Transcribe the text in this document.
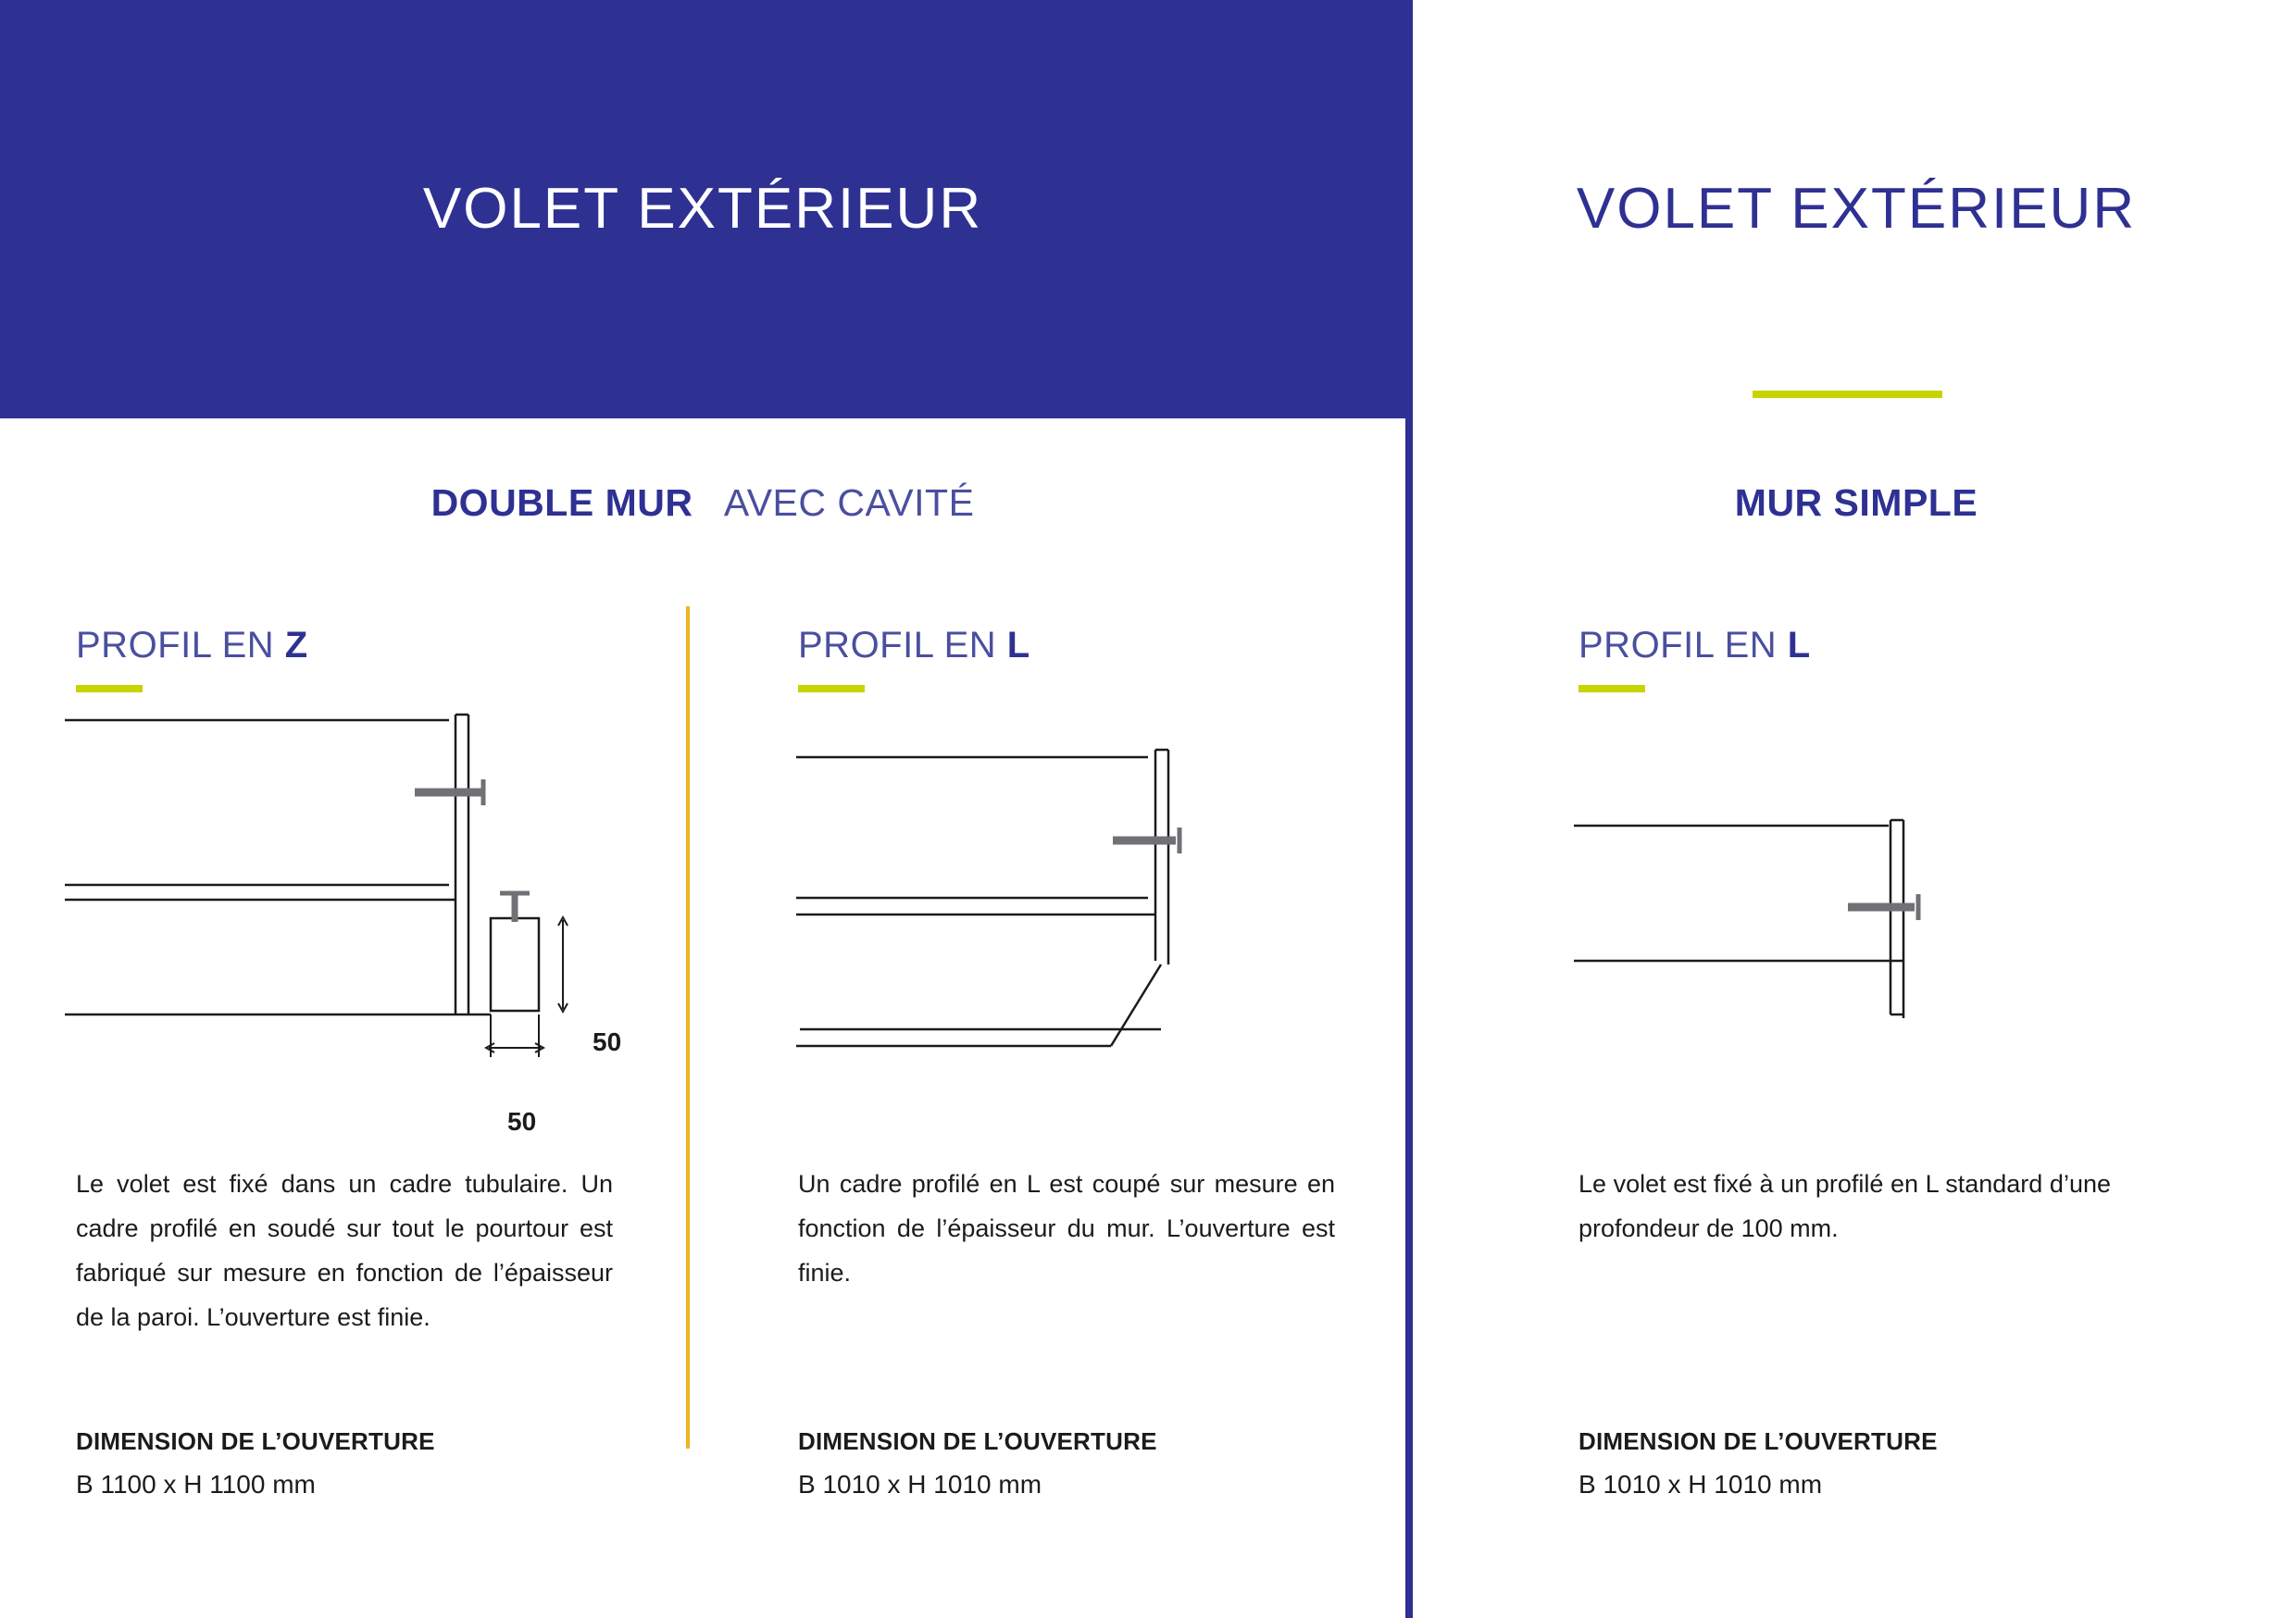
VOLET EXTÉRIEUR	VOLET EXTÉRIEUR
DOUBLE MUR AVEC CAVITÉ	MUR SIMPLE
PROFIL EN Z
50
50
Le volet est fixé dans un cadre tubulaire. Un cadre profilé en soudé sur tout le pourtour est fabriqué sur mesure en fonction de l’épaisseur de la paroi. L’ouverture est finie.
DIMENSION DE L’OUVERTURE
B 1100 x H 1100 mm
PROFIL EN L
Un cadre profilé en L est coupé sur mesure en fonction de l’épaisseur du mur. L’ouverture est finie.
DIMENSION DE L’OUVERTURE
B 1010 x H 1010 mm
PROFIL EN L
Le volet est fixé à un profilé en L standard d’une profondeur de 100 mm.
DIMENSION DE L’OUVERTURE
B 1010 x H 1010 mm
